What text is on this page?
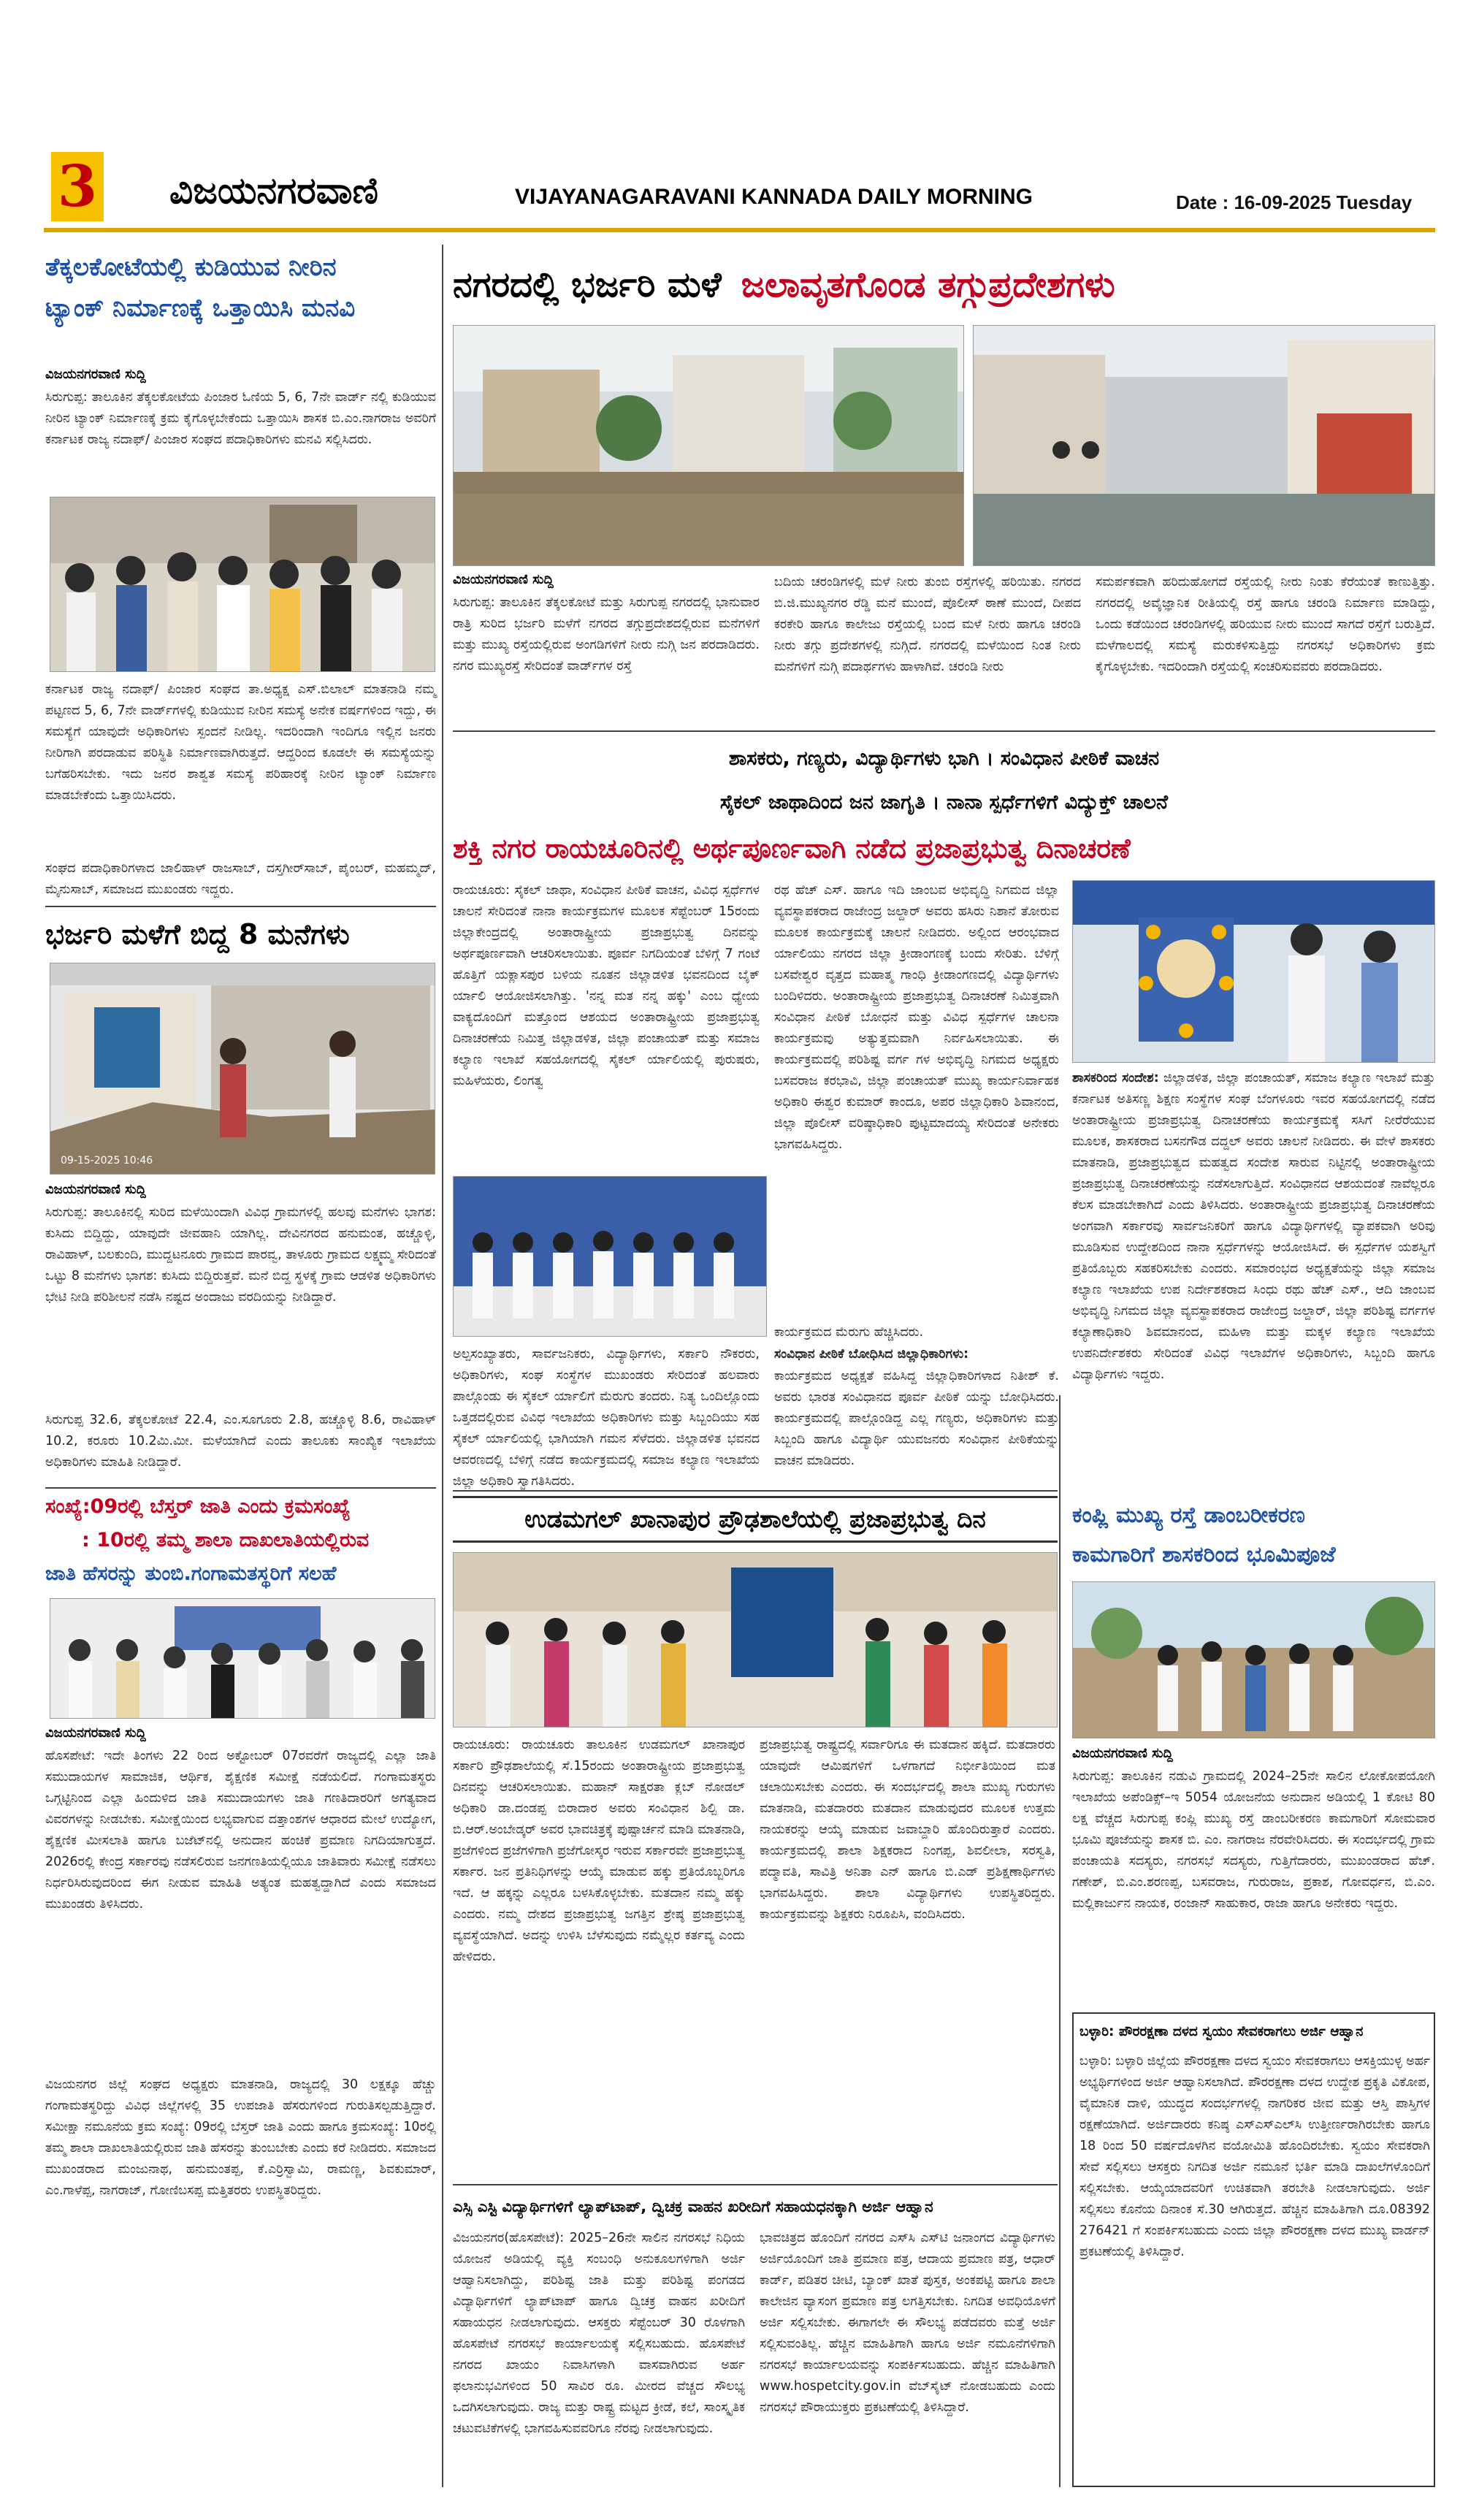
3 ವಿಜಯನಗರವಾಣಿ	VIJAYANAGARAVANI KANNADA DAILY MORNING	Date : 16-09-2025 Tuesday
ತೆಕ್ಕಲಕೋಟೆಯಲ್ಲಿ ಕುಡಿಯುವ ನೀರಿನ
ಟ್ಯಾಂಕ್ ನಿರ್ಮಾಣಕ್ಕೆ ಒತ್ತಾಯಿಸಿ ಮನವಿ
ವಿಜಯನಗರವಾಣಿ ಸುದ್ದಿ
ಸಿರುಗುಪ್ಪ: ತಾಲೂಕಿನ ತೆಕ್ಕಲಕೋಟೆಯ ಪಿಂಜಾರ ಓಣಿಯ 5, 6, 7ನೇ ವಾರ್ಡ್ ನಲ್ಲಿ ಕುಡಿಯುವ ನೀರಿನ ಟ್ಯಾಂಕ್ ನಿರ್ಮಾಣಕ್ಕೆ ಕ್ರಮ ಕೈಗೊಳ್ಳಬೇಕೆಂದು ಒತ್ತಾಯಿಸಿ ಶಾಸಕ ಬಿ.ಎಂ.ನಾಗರಾಜ ಅವರಿಗೆ ಕರ್ನಾಟಕ ರಾಜ್ಯ ನದಾಫ್/ ಪಿಂಜಾರ ಸಂಘದ ಪದಾಧಿಕಾರಿಗಳು ಮನವಿ ಸಲ್ಲಿಸಿದರು.
ಕರ್ನಾಟಕ ರಾಜ್ಯ ನದಾಫ್/ ಪಿಂಜಾರ ಸಂಘದ ತಾ.ಅಧ್ಯಕ್ಷ ಎಸ್.ಬಿಲಾಲ್ ಮಾತನಾಡಿ ನಮ್ಮ ಪಟ್ಟಣದ 5, 6, 7ನೇ ವಾರ್ಡ್‌ಗಳಲ್ಲಿ ಕುಡಿಯುವ ನೀರಿನ ಸಮಸ್ಯೆ ಅನೇಕ ವರ್ಷಗಳಿಂದ ಇದ್ದು, ಈ ಸಮಸ್ಯೆಗೆ ಯಾವುದೇ ಅಧಿಕಾರಿಗಳು ಸ್ಪಂದನೆ ನೀಡಿಲ್ಲ. ಇದರಿಂದಾಗಿ ಇಂದಿಗೂ ಇಲ್ಲಿನ ಜನರು ನೀರಿಗಾಗಿ ಪರದಾಡುವ ಪರಿಸ್ಥಿತಿ ನಿರ್ಮಾಣವಾಗಿರುತ್ತದೆ. ಆದ್ದರಿಂದ ಕೂಡಲೇ ಈ ಸಮಸ್ಯೆಯನ್ನು ಬಗೆಹರಿಸಬೇಕು. ಇದು ಜನರ ಶಾಶ್ವತ ಸಮಸ್ಯೆ ಪರಿಹಾರಕ್ಕೆ ನೀರಿನ ಟ್ಯಾಂಕ್ ನಿರ್ಮಾಣ ಮಾಡಬೇಕೆಂದು ಒತ್ತಾಯಿಸಿದರು.
ಸಂಘದ ಪದಾಧಿಕಾರಿಗಳಾದ ಜಾಲಿಹಾಳ್ ರಾಜಸಾಬ್, ದಸ್ತಗೀರ್‌ಸಾಬ್, ಪೈಂಬರ್, ಮಹಮ್ಮದ್, ಮೈನುಸಾಬ್, ಸಮಾಜದ ಮುಖಂಡರು ಇದ್ದರು.
ಭರ್ಜರಿ ಮಳೆಗೆ ಬಿದ್ದ 8 ಮನೆಗಳು
09-15-2025 10:46
ವಿಜಯನಗರವಾಣಿ ಸುದ್ದಿ
ಸಿರುಗುಪ್ಪ: ತಾಲೂಕಿನಲ್ಲಿ ಸುರಿದ ಮಳೆಯಿಂದಾಗಿ ವಿವಿಧ ಗ್ರಾಮಗಳಲ್ಲಿ ಹಲವು ಮನೆಗಳು ಭಾಗಶ: ಕುಸಿದು ಬಿದ್ದಿದ್ದು, ಯಾವುದೇ ಜೀವಹಾನಿ ಯಾಗಿಲ್ಲ. ದೇವಿನಗರದ ಹನುಮಂತ, ಹಚ್ಚೊಳ್ಳಿ, ರಾವಿಹಾಳ್, ಬಲಕುಂದಿ, ಮುದ್ದಟನೂರು ಗ್ರಾಮದ ಪಾರವ್ವ, ತಾಳೂರು ಗ್ರಾಮದ ಲಕ್ಷ್ಮಮ್ಮ ಸೇರಿದಂತೆ ಒಟ್ಟು 8 ಮನೆಗಳು ಭಾಗಶ: ಕುಸಿದು ಬಿದ್ದಿರುತ್ತವೆ. ಮನೆ ಬಿದ್ದ ಸ್ಥಳಕ್ಕೆ ಗ್ರಾಮ ಆಡಳಿತ ಅಧಿಕಾರಿಗಳು ಭೇಟಿ ನೀಡಿ ಪರಿಶೀಲನೆ ನಡೆಸಿ ನಷ್ಟದ ಅಂದಾಜು ವರದಿಯನ್ನು ನೀಡಿದ್ದಾರೆ.
ಸಿರುಗುಪ್ಪ 32.6, ತೆಕ್ಕಲಕೋಟೆ 22.4, ಎಂ.ಸೂಗೂರು 2.8, ಹಚ್ಚೊಳ್ಳಿ 8.6, ರಾವಿಹಾಳ್ 10.2, ಕರೂರು 10.2ಮಿ.ಮೀ. ಮಳೆಯಾಗಿದೆ ಎಂದು ತಾಲೂಕು ಸಾಂಖ್ಯಿಕ ಇಲಾಖೆಯ ಅಧಿಕಾರಿಗಳು ಮಾಹಿತಿ ನೀಡಿದ್ದಾರೆ.
ಸಂಖ್ಯೆ:09ರಲ್ಲಿ ಬೆಸ್ತರ್ ಜಾತಿ ಎಂದು ಕ್ರಮಸಂಖ್ಯೆ
: 10ರಲ್ಲಿ ತಮ್ಮ ಶಾಲಾ ದಾಖಲಾತಿಯಲ್ಲಿರುವ
ಜಾತಿ ಹೆಸರನ್ನು ತುಂಬಿ.ಗಂಗಾಮತಸ್ಥರಿಗೆ ಸಲಹೆ
ವಿಜಯನಗರವಾಣಿ ಸುದ್ದಿ
ಹೊಸಪೇಟೆ: ಇದೇ ತಿಂಗಳು 22 ರಿಂದ ಅಕ್ಟೋಬರ್ 07ರವರೆಗೆ ರಾಜ್ಯದಲ್ಲಿ ಎಲ್ಲಾ ಜಾತಿ ಸಮುದಾಯಗಳ ಸಾಮಾಜಿಕ, ಆರ್ಥಿಕ, ಶೈಕ್ಷಣಿಕ ಸಮೀಕ್ಷೆ ನಡೆಯಲಿದೆ. ಗಂಗಾಮತಸ್ಥರು ಒಗ್ಗಟ್ಟಿನಿಂದ ಎಲ್ಲಾ ಹಿಂದುಳಿದ ಜಾತಿ ಸಮುದಾಯಗಳು ಜಾತಿ ಗಣತಿದಾರರಿಗೆ ಅಗತ್ಯವಾದ ವಿವರಗಳನ್ನು ನೀಡಬೇಕು. ಸಮೀಕ್ಷೆಯಿಂದ ಲಭ್ಯವಾಗುವ ದತ್ತಾಂಶಗಳ ಆಧಾರದ ಮೇಲೆ ಉದ್ಯೋಗ, ಶೈಕ್ಷಣಿಕ ಮೀಸಲಾತಿ ಹಾಗೂ ಬಜೆಟ್‌ನಲ್ಲಿ ಅನುದಾನ ಹಂಚಿಕೆ ಪ್ರಮಾಣ ನಿಗದಿಯಾಗುತ್ತದೆ. 2026ರಲ್ಲಿ ಕೇಂದ್ರ ಸರ್ಕಾರವು ನಡೆಸಲಿರುವ ಜನಗಣತಿಯಲ್ಲಿಯೂ ಜಾತಿವಾರು ಸಮೀಕ್ಷೆ ನಡೆಸಲು ನಿರ್ಧರಿಸಿರುವುದರಿಂದ ಈಗ ನೀಡುವ ಮಾಹಿತಿ ಅತ್ಯಂತ ಮಹತ್ವದ್ದಾಗಿದೆ ಎಂದು ಸಮಾಜದ ಮುಖಂಡರು ತಿಳಿಸಿದರು.
ವಿಜಯನಗರ ಜಿಲ್ಲೆ ಸಂಘದ ಅಧ್ಯಕ್ಷರು ಮಾತನಾಡಿ, ರಾಜ್ಯದಲ್ಲಿ 30 ಲಕ್ಷಕ್ಕೂ ಹೆಚ್ಚು ಗಂಗಾಮತಸ್ಥರಿದ್ದು ವಿವಿಧ ಜಿಲ್ಲೆಗಳಲ್ಲಿ 35 ಉಪಜಾತಿ ಹೆಸರುಗಳಿಂದ ಗುರುತಿಸಲ್ಪಡುತ್ತಿದ್ದಾರೆ. ಸಮೀಕ್ಷಾ ನಮೂನೆಯ ಕ್ರಮ ಸಂಖ್ಯೆ: 09ರಲ್ಲಿ ಬೆಸ್ತರ್ ಜಾತಿ ಎಂದು ಹಾಗೂ ಕ್ರಮಸಂಖ್ಯೆ: 10ರಲ್ಲಿ ತಮ್ಮ ಶಾಲಾ ದಾಖಲಾತಿಯಲ್ಲಿರುವ ಜಾತಿ ಹೆಸರನ್ನು ತುಂಬಬೇಕು ಎಂದು ಕರೆ ನೀಡಿದರು. ಸಮಾಜದ ಮುಖಂಡರಾದ ಮಂಜುನಾಥ, ಹನುಮಂತಪ್ಪ, ಕೆ.ಎರ್ರಿಸ್ವಾಮಿ, ರಾಮಣ್ಣ, ಶಿವಕುಮಾರ್, ಎಂ.ಗಾಳೆಪ್ಪ, ನಾಗರಾಜ್, ಗೋಣಿಬಸಪ್ಪ ಮತ್ತಿತರರು ಉಪಸ್ಥಿತರಿದ್ದರು.
ನಗರದಲ್ಲಿ ಭರ್ಜರಿ ಮಳೆ ಜಲಾವೃತಗೊಂಡ ತಗ್ಗುಪ್ರದೇಶಗಳು
ವಿಜಯನಗರವಾಣಿ ಸುದ್ದಿ
ಸಿರುಗುಪ್ಪ: ತಾಲೂಕಿನ ತೆಕ್ಕಲಕೋಟೆ ಮತ್ತು ಸಿರುಗುಪ್ಪ ನಗರದಲ್ಲಿ ಭಾನುವಾರ ರಾತ್ರಿ ಸುರಿದ ಭರ್ಜರಿ ಮಳೆಗೆ ನಗರದ ತಗ್ಗುಪ್ರದೇಶದಲ್ಲಿರುವ ಮನೆಗಳಿಗೆ ಮತ್ತು ಮುಖ್ಯ ರಸ್ತೆಯಲ್ಲಿರುವ ಅಂಗಡಿಗಳಿಗೆ ನೀರು ನುಗ್ಗಿ ಜನ ಪರದಾಡಿದರು. ನಗರ ಮುಖ್ಯರಸ್ತೆ ಸೇರಿದಂತೆ ವಾರ್ಡ್‌ಗಳ ರಸ್ತೆ
ಬದಿಯ ಚರಂಡಿಗಳಲ್ಲಿ ಮಳೆ ನೀರು ತುಂಬಿ ರಸ್ತೆಗಳಲ್ಲಿ ಹರಿಯಿತು. ನಗರದ ಬಿ.ಜಿ.ಮುಖ್ಯನಗರ ರೆಡ್ಡಿ ಮನೆ ಮುಂದೆ, ಪೊಲೀಸ್ ಠಾಣೆ ಮುಂದೆ, ದೀಪದ ಕರಕೇರಿ ಹಾಗೂ ಕಾಲೇಜು ರಸ್ತೆಯಲ್ಲಿ ಬಂದ ಮಳೆ ನೀರು ಹಾಗೂ ಚರಂಡಿ ನೀರು ತಗ್ಗು ಪ್ರದೇಶಗಳಲ್ಲಿ ನುಗ್ಗಿದೆ. ನಗರದಲ್ಲಿ ಮಳೆಯಿಂದ ನಿಂತ ನೀರು ಮನೆಗಳಿಗೆ ನುಗ್ಗಿ ಪದಾರ್ಥಗಳು ಹಾಳಾಗಿವೆ. ಚರಂಡಿ ನೀರು
ಸಮರ್ಪಕವಾಗಿ ಹರಿದುಹೋಗದೆ ರಸ್ತೆಯಲ್ಲಿ ನೀರು ನಿಂತು ಕೆರೆಯಂತೆ ಕಾಣುತ್ತಿತ್ತು. ನಗರದಲ್ಲಿ ಅವೈಜ್ಞಾನಿಕ ರೀತಿಯಲ್ಲಿ ರಸ್ತೆ ಹಾಗೂ ಚರಂಡಿ ನಿರ್ಮಾಣ ಮಾಡಿದ್ದು, ಒಂದು ಕಡೆಯಿಂದ ಚರಂಡಿಗಳಲ್ಲಿ ಹರಿಯುವ ನೀರು ಮುಂದೆ ಸಾಗದೆ ರಸ್ತೆಗೆ ಬರುತ್ತಿದೆ. ಮಳೆಗಾಲದಲ್ಲಿ ಸಮಸ್ಯೆ ಮರುಕಳಿಸುತ್ತಿದ್ದು ನಗರಸಭೆ ಅಧಿಕಾರಿಗಳು ಕ್ರಮ ಕೈಗೊಳ್ಳಬೇಕು. ಇದರಿಂದಾಗಿ ರಸ್ತೆಯಲ್ಲಿ ಸಂಚರಿಸುವವರು ಪರದಾಡಿದರು.
ಶಾಸಕರು, ಗಣ್ಯರು, ವಿದ್ಯಾರ್ಥಿಗಳು ಭಾಗಿ । ಸಂವಿಧಾನ ಪೀಠಿಕೆ ವಾಚನ
ಸೈಕಲ್ ಜಾಥಾದಿಂದ ಜನ ಜಾಗೃತಿ । ನಾನಾ ಸ್ಪರ್ಧೆಗಳಿಗೆ ವಿದ್ಯುಕ್ತ್ ಚಾಲನೆ
ಶಕ್ತಿ ನಗರ ರಾಯಚೂರಿನಲ್ಲಿ ಅರ್ಥಪೂರ್ಣವಾಗಿ ನಡೆದ ಪ್ರಜಾಪ್ರಭುತ್ವ ದಿನಾಚರಣೆ
ರಾಯಚೂರು: ಸೈಕಲ್ ಜಾಥಾ, ಸಂವಿಧಾನ ಪೀಠಿಕೆ ವಾಚನ, ವಿವಿಧ ಸ್ಪರ್ಧೆಗಳ ಚಾಲನೆ ಸೇರಿದಂತೆ ನಾನಾ ಕಾರ್ಯಕ್ರಮಗಳ ಮೂಲಕ ಸೆಪ್ಟೆಂಬರ್ 15ರಂದು ಜಿಲ್ಲಾಕೇಂದ್ರದಲ್ಲಿ ಅಂತಾರಾಷ್ಟ್ರೀಯ ಪ್ರಜಾಪ್ರಭುತ್ವ ದಿನವನ್ನು ಅರ್ಥಪೂರ್ಣವಾಗಿ ಆಚರಿಸಲಾಯಿತು. ಪೂರ್ವ ನಿಗದಿಯಂತೆ ಬೆಳಿಗ್ಗೆ 7 ಗಂಟೆ ಹೊತ್ತಿಗೆ ಯಕ್ಲಾಸಪುರ ಬಳಿಯ ನೂತನ ಜಿಲ್ಲಾಡಳಿತ ಭವನದಿಂದ ಬೈಕ್ ರ್ಯಾಲಿ ಆಯೋಜಿಸಲಾಗಿತ್ತು. 'ನನ್ನ ಮತ ನನ್ನ ಹಕ್ಕು' ಎಂಬ ಧ್ಯೇಯ ವಾಕ್ಯದೊಂದಿಗೆ ಮತ್ತೊಂದ ಆಶಯದ ಅಂತಾರಾಷ್ಟ್ರೀಯ ಪ್ರಜಾಪ್ರಭುತ್ವ ದಿನಾಚರಣೆಯ ನಿಮಿತ್ತ ಜಿಲ್ಲಾಡಳಿತ, ಜಿಲ್ಲಾ ಪಂಚಾಯತ್ ಮತ್ತು ಸಮಾಜ ಕಲ್ಯಾಣ ಇಲಾಖೆ ಸಹಯೋಗದಲ್ಲಿ ಸೈಕಲ್ ರ್ಯಾಲಿಯಲ್ಲಿ ಪುರುಷರು, ಮಹಿಳೆಯರು, ಲಿಂಗತ್ವ
ರಥ ಹೆಚ್ ಎಸ್. ಹಾಗೂ ಇದಿ ಜಾಂಬವ ಅಭಿವೃದ್ಧಿ ನಿಗಮದ ಜಿಲ್ಲಾ ವ್ಯವಸ್ಥಾಪಕರಾದ ರಾಜೇಂದ್ರ ಜಲ್ದಾರ್ ಅವರು ಹಸಿರು ನಿಶಾನೆ ತೋರುವ ಮೂಲಕ ಕಾರ್ಯಕ್ರಮಕ್ಕೆ ಚಾಲನೆ ನೀಡಿದರು. ಅಲ್ಲಿಂದ ಆರಂಭವಾದ ರ್ಯಾಲಿಯು ನಗರದ ಜಿಲ್ಲಾ ಕ್ರೀಡಾಂಗಣಕ್ಕೆ ಬಂದು ಸೇರಿತು. ಬೆಳಿಗ್ಗೆ ಬಸವೇಶ್ವರ ವೃತ್ತದ ಮಹಾತ್ಮ ಗಾಂಧಿ ಕ್ರೀಡಾಂಗಣದಲ್ಲಿ ವಿದ್ಯಾರ್ಥಿಗಳು ಬಂದಿಳಿದರು. ಅಂತಾರಾಷ್ಟ್ರೀಯ ಪ್ರಜಾಪ್ರಭುತ್ವ ದಿನಾಚರಣೆ ನಿಮಿತ್ತವಾಗಿ ಸಂವಿಧಾನ ಪೀಠಿಕೆ ಬೋಧನೆ ಮತ್ತು ವಿವಿಧ ಸ್ಪರ್ಧೆಗಳ ಚಾಲನಾ ಕಾರ್ಯಕ್ರಮವು ಅತ್ಯುತ್ತಮವಾಗಿ ನಿರ್ವಹಿಸಲಾಯಿತು. ಈ ಕಾರ್ಯಕ್ರಮದಲ್ಲಿ ಪರಿಶಿಷ್ಟ ವರ್ಗ ಗಳ ಅಭಿವೃದ್ಧಿ ನಿಗಮದ ಅಧ್ಯಕ್ಷರು ಬಸವರಾಜ ಕರಭಾವಿ, ಜಿಲ್ಲಾ ಪಂಚಾಯತ್ ಮುಖ್ಯ ಕಾರ್ಯನಿರ್ವಾಹಕ ಅಧಿಕಾರಿ ಈಶ್ವರ ಕುಮಾರ್ ಕಾಂದೂ, ಅಪರ ಜಿಲ್ಲಾಧಿಕಾರಿ ಶಿವಾನಂದ, ಜಿಲ್ಲಾ ಪೊಲೀಸ್ ವರಿಷ್ಠಾಧಿಕಾರಿ ಪುಟ್ಟಮಾದಯ್ಯ ಸೇರಿದಂತೆ ಅನೇಕರು ಭಾಗವಹಿಸಿದ್ದರು.
ಶಾಸಕರಿಂದ ಸಂದೇಶ: ಜಿಲ್ಲಾಡಳಿತ, ಜಿಲ್ಲಾ ಪಂಚಾಯತ್, ಸಮಾಜ ಕಲ್ಯಾಣ ಇಲಾಖೆ ಮತ್ತು ಕರ್ನಾಟಕ ಅತಿಸಣ್ಣ ಶಿಕ್ಷಣ ಸಂಸ್ಥೆಗಳ ಸಂಘ ಬೆಂಗಳೂರು ಇವರ ಸಹಯೋಗದಲ್ಲಿ ನಡೆದ ಅಂತಾರಾಷ್ಟ್ರೀಯ ಪ್ರಜಾಪ್ರಭುತ್ವ ದಿನಾಚರಣೆಯ ಕಾರ್ಯಕ್ರಮಕ್ಕೆ ಸಸಿಗೆ ನೀರೆರೆಯುವ ಮೂಲಕ, ಶಾಸಕರಾದ ಬಸನಗೌಡ ದದ್ದಲ್ ಅವರು ಚಾಲನೆ ನೀಡಿದರು. ಈ ವೇಳೆ ಶಾಸಕರು ಮಾತನಾಡಿ, ಪ್ರಜಾಪ್ರಭುತ್ವದ ಮಹತ್ವದ ಸಂದೇಶ ಸಾರುವ ನಿಟ್ಟಿನಲ್ಲಿ ಅಂತಾರಾಷ್ಟ್ರೀಯ ಪ್ರಜಾಪ್ರಭುತ್ವ ದಿನಾಚರಣೆಯನ್ನು ನಡೆಸಲಾಗುತ್ತಿದೆ. ಸಂವಿಧಾನದ ಆಶಯದಂತೆ ನಾವೆಲ್ಲರೂ ಕೆಲಸ ಮಾಡಬೇಕಾಗಿದೆ ಎಂದು ತಿಳಿಸಿದರು. ಅಂತಾರಾಷ್ಟ್ರೀಯ ಪ್ರಜಾಪ್ರಭುತ್ವ ದಿನಾಚರಣೆಯ ಅಂಗವಾಗಿ ಸರ್ಕಾರವು ಸಾರ್ವಜನಿಕರಿಗೆ ಹಾಗೂ ವಿದ್ಯಾರ್ಥಿಗಳಲ್ಲಿ ವ್ಯಾಪಕವಾಗಿ ಅರಿವು ಮೂಡಿಸುವ ಉದ್ದೇಶದಿಂದ ನಾನಾ ಸ್ಪರ್ಧೆಗಳನ್ನು ಆಯೋಜಿಸಿದೆ. ಈ ಸ್ಪರ್ಧೆಗಳ ಯಶಸ್ವಿಗೆ ಪ್ರತಿಯೊಬ್ಬರು ಸಹಕರಿಸಬೇಕು ಎಂದರು. ಸಮಾರಂಭದ ಅಧ್ಯಕ್ಷತೆಯನ್ನು ಜಿಲ್ಲಾ ಸಮಾಜ ಕಲ್ಯಾಣ ಇಲಾಖೆಯ ಉಪ ನಿರ್ದೇಶಕರಾದ ಸಿಂಧು ರಥು ಹೆಚ್ ಎಸ್., ಆದಿ ಜಾಂಬವ ಅಭಿವೃದ್ಧಿ ನಿಗಮದ ಜಿಲ್ಲಾ ವ್ಯವಸ್ಥಾಪಕರಾದ ರಾಜೇಂದ್ರ ಜಲ್ದಾರ್, ಜಿಲ್ಲಾ ಪರಿಶಿಷ್ಟ ವರ್ಗಗಳ ಕಲ್ಯಾಣಾಧಿಕಾರಿ ಶಿವಮಾನಂದ, ಮಹಿಳಾ ಮತ್ತು ಮಕ್ಕಳ ಕಲ್ಯಾಣ ಇಲಾಖೆಯ ಉಪನಿರ್ದೇಶಕರು ಸೇರಿದಂತೆ ವಿವಿಧ ಇಲಾಖೆಗಳ ಅಧಿಕಾರಿಗಳು, ಸಿಬ್ಬಂದಿ ಹಾಗೂ ವಿದ್ಯಾರ್ಥಿಗಳು ಇದ್ದರು.
ಅಲ್ಪಸಂಖ್ಯಾತರು, ಸಾರ್ವಜನಿಕರು, ವಿದ್ಯಾರ್ಥಿಗಳು, ಸರ್ಕಾರಿ ನೌಕರರು, ಅಧಿಕಾರಿಗಳು, ಸಂಘ ಸಂಸ್ಥೆಗಳ ಮುಖಂಡರು ಸೇರಿದಂತೆ ಹಲವಾರು ಪಾಲ್ಗೊಂಡು ಈ ಸೈಕಲ್ ರ್ಯಾಲಿಗೆ ಮೆರುಗು ತಂದರು. ನಿತ್ಯ ಒಂದಿಲ್ಲೊಂದು ಒತ್ತಡದಲ್ಲಿರುವ ವಿವಿಧ ಇಲಾಖೆಯ ಅಧಿಕಾರಿಗಳು ಮತ್ತು ಸಿಬ್ಬಂದಿಯು ಸಹ ಸೈಕಲ್ ರ್ಯಾಲಿಯಲ್ಲಿ ಭಾಗಿಯಾಗಿ ಗಮನ ಸೆಳೆದರು. ಜಿಲ್ಲಾಡಳಿತ ಭವನದ ಆವರಣದಲ್ಲಿ ಬೆಳಿಗ್ಗೆ ನಡೆದ ಕಾರ್ಯಕ್ರಮದಲ್ಲಿ ಸಮಾಜ ಕಲ್ಯಾಣ ಇಲಾಖೆಯ ಜಿಲ್ಲಾ ಅಧಿಕಾರಿ ಸ್ವಾಗತಿಸಿದರು.
ಕಾರ್ಯಕ್ರಮದ ಮೆರುಗು ಹೆಚ್ಚಿಸಿದರು.
ಸಂವಿಧಾನ ಪೀಠಿಕೆ ಬೋಧಿಸಿದ ಜಿಲ್ಲಾಧಿಕಾರಿಗಳು:
ಕಾರ್ಯಕ್ರಮದ ಅಧ್ಯಕ್ಷತೆ ವಹಿಸಿದ್ದ ಜಿಲ್ಲಾಧಿಕಾರಿಗಳಾದ ನಿತೀಶ್ ಕೆ. ಅವರು ಭಾರತ ಸಂವಿಧಾನದ ಪೂರ್ವ ಪೀಠಿಕೆ ಯನ್ನು ಬೋಧಿಸಿದರು. ಕಾರ್ಯಕ್ರಮದಲ್ಲಿ ಪಾಲ್ಗೊಂಡಿದ್ದ ಎಲ್ಲ ಗಣ್ಯರು, ಅಧಿಕಾರಿಗಳು ಮತ್ತು ಸಿಬ್ಬಂದಿ ಹಾಗೂ ವಿದ್ಯಾರ್ಥಿ ಯುವಜನರು ಸಂವಿಧಾನ ಪೀಠಿಕೆಯನ್ನು ವಾಚನ ಮಾಡಿದರು.
ಉಡಮಗಲ್ ಖಾನಾಪುರ ಪ್ರೌಢಶಾಲೆಯಲ್ಲಿ ಪ್ರಜಾಪ್ರಭುತ್ವ ದಿನ
ರಾಯಚೂರು: ರಾಯಚೂರು ತಾಲೂಕಿನ ಉಡಮಗಲ್ ಖಾನಾಪುರ ಸರ್ಕಾರಿ ಪ್ರೌಢಶಾಲೆಯಲ್ಲಿ ಸೆ.15ರಂದು ಅಂತಾರಾಷ್ಟ್ರೀಯ ಪ್ರಜಾಪ್ರಭುತ್ವ ದಿನವನ್ನು ಆಚರಿಸಲಾಯಿತು. ಮಹಾನ್ ಸಾಕ್ಷರತಾ ಕ್ಲಬ್ ನೋಡಲ್ ಅಧಿಕಾರಿ ಡಾ.ದಂಡಪ್ಪ ಬಿರಾದಾರ ಅವರು ಸಂವಿಧಾನ ಶಿಲ್ಪಿ ಡಾ. ಬಿ.ಆರ್.ಅಂಬೇಡ್ಕರ್ ಅವರ ಭಾವಚಿತ್ರಕ್ಕೆ ಪುಷ್ಪಾರ್ಚನೆ ಮಾಡಿ ಮಾತನಾಡಿ, ಪ್ರಜೆಗಳಿಂದ ಪ್ರಜೆಗಳಿಗಾಗಿ ಪ್ರಜೆಗೋಸ್ಕರ ಇರುವ ಸರ್ಕಾರವೇ ಪ್ರಜಾಪ್ರಭುತ್ವ ಸರ್ಕಾರ. ಜನ ಪ್ರತಿನಿಧಿಗಳನ್ನು ಆಯ್ಕೆ ಮಾಡುವ ಹಕ್ಕು ಪ್ರತಿಯೊಬ್ಬರಿಗೂ ಇದೆ. ಆ ಹಕ್ಕನ್ನು ಎಲ್ಲರೂ ಬಳಸಿಕೊಳ್ಳಬೇಕು. ಮತದಾನ ನಮ್ಮ ಹಕ್ಕು ಎಂದರು. ನಮ್ಮ ದೇಶದ ಪ್ರಜಾಪ್ರಭುತ್ವ ಜಗತ್ತಿನ ಶ್ರೇಷ್ಠ ಪ್ರಜಾಪ್ರಭುತ್ವ ವ್ಯವಸ್ಥೆಯಾಗಿದೆ. ಅದನ್ನು ಉಳಿಸಿ ಬೆಳೆಸುವುದು ನಮ್ಮೆಲ್ಲರ ಕರ್ತವ್ಯ ಎಂದು ಹೇಳಿದರು.
ಪ್ರಜಾಪ್ರಭುತ್ವ ರಾಷ್ಟ್ರದಲ್ಲಿ ಸರ್ವಾರಿಗೂ ಈ ಮತದಾನ ಹಕ್ಕಿದೆ. ಮತದಾರರು ಯಾವುದೇ ಆಮಿಷಗಳಿಗೆ ಒಳಗಾಗದೆ ನಿರ್ಭೀತಿಯಿಂದ ಮತ ಚಲಾಯಿಸಬೇಕು ಎಂದರು. ಈ ಸಂದರ್ಭದಲ್ಲಿ ಶಾಲಾ ಮುಖ್ಯ ಗುರುಗಳು ಮಾತನಾಡಿ, ಮತದಾರರು ಮತದಾನ ಮಾಡುವುದರ ಮೂಲಕ ಉತ್ತಮ ನಾಯಕರನ್ನು ಆಯ್ಕೆ ಮಾಡುವ ಜವಾಬ್ದಾರಿ ಹೊಂದಿರುತ್ತಾರೆ ಎಂದರು. ಕಾರ್ಯಕ್ರಮದಲ್ಲಿ ಶಾಲಾ ಶಿಕ್ಷಕರಾದ ನಿಂಗಪ್ಪ, ಶಿವಲೀಲಾ, ಸರಸ್ವತಿ, ಪದ್ಮಾವತಿ, ಸಾವಿತ್ರಿ ಅನಿತಾ ಎನ್ ಹಾಗೂ ಬಿ.ಎಡ್ ಪ್ರಶಿಕ್ಷಣಾರ್ಥಿಗಳು ಭಾಗವಹಿಸಿದ್ದರು. ಶಾಲಾ ವಿದ್ಯಾರ್ಥಿಗಳು ಉಪಸ್ಥಿತರಿದ್ದರು. ಕಾರ್ಯಕ್ರಮವನ್ನು ಶಿಕ್ಷಕರು ನಿರೂಪಿಸಿ, ವಂದಿಸಿದರು.
ಎಸ್ಸಿ ಎಸ್ಟಿ ವಿದ್ಯಾರ್ಥಿಗಳಿಗೆ ಲ್ಯಾಪ್‌ಟಾಪ್, ದ್ವಿಚಕ್ರ ವಾಹನ ಖರೀದಿಗೆ ಸಹಾಯಧನಕ್ಕಾಗಿ ಅರ್ಜಿ ಆಹ್ವಾನ
ವಿಜಯನಗರ(ಹೊಸಪೇಟೆ): 2025–26ನೇ ಸಾಲಿನ ನಗರಸಭೆ ನಿಧಿಯ ಯೋಜನೆ ಅಡಿಯಲ್ಲಿ ವ್ಯಕ್ತಿ ಸಂಬಂಧಿ ಅನುಕೂಲಗಳಿಗಾಗಿ ಅರ್ಜಿ ಆಹ್ವಾನಿಸಲಾಗಿದ್ದು, ಪರಿಶಿಷ್ಟ ಜಾತಿ ಮತ್ತು ಪರಿಶಿಷ್ಟ ಪಂಗಡದ ವಿದ್ಯಾರ್ಥಿಗಳಿಗೆ ಲ್ಯಾಪ್‌ಟಾಪ್ ಹಾಗೂ ದ್ವಿಚಕ್ರ ವಾಹನ ಖರೀದಿಗೆ ಸಹಾಯಧನ ನೀಡಲಾಗುವುದು. ಆಸಕ್ತರು ಸೆಪ್ಟೆಂಬರ್ 30 ರೊಳಗಾಗಿ ಹೊಸಪೇಟೆ ನಗರಸಭೆ ಕಾರ್ಯಾಲಯಕ್ಕೆ ಸಲ್ಲಿಸಬಹುದು. ಹೊಸಪೇಟೆ ನಗರದ ಖಾಯಂ ನಿವಾಸಿಗಳಾಗಿ ವಾಸವಾಗಿರುವ ಅರ್ಹ ಫಲಾನುಭವಿಗಳಿಂದ 50 ಸಾವಿರ ರೂ. ಮೀರದ ವೆಚ್ಚದ ಸೌಲಭ್ಯ ಒದಗಿಸಲಾಗುವುದು. ರಾಜ್ಯ ಮತ್ತು ರಾಷ್ಟ್ರ ಮಟ್ಟದ ಕ್ರೀಡೆ, ಕಲೆ, ಸಾಂಸ್ಕೃತಿಕ ಚಟುವಟಿಕೆಗಳಲ್ಲಿ ಭಾಗವಹಿಸುವವರಿಗೂ ನೆರವು ನೀಡಲಾಗುವುದು.
ಭಾವಚಿತ್ರದ ಹೊಂದಿಗೆ ನಗರದ ಎಸ್‌ಸಿ ಎಸ್‌ಟಿ ಜನಾಂಗದ ವಿದ್ಯಾರ್ಥಿಗಳು ಅರ್ಜಿಯೊಂದಿಗೆ ಜಾತಿ ಪ್ರಮಾಣ ಪತ್ರ, ಆದಾಯ ಪ್ರಮಾಣ ಪತ್ರ, ಆಧಾರ್ ಕಾರ್ಡ್, ಪಡಿತರ ಚೀಟಿ, ಬ್ಯಾಂಕ್ ಖಾತೆ ಪುಸ್ತಕ, ಅಂಕಪಟ್ಟಿ ಹಾಗೂ ಶಾಲಾ ಕಾಲೇಜಿನ ವ್ಯಾಸಂಗ ಪ್ರಮಾಣ ಪತ್ರ ಲಗತ್ತಿಸಬೇಕು. ನಿಗದಿತ ಅವಧಿಯೊಳಗೆ ಅರ್ಜಿ ಸಲ್ಲಿಸಬೇಕು. ಈಗಾಗಲೇ ಈ ಸೌಲಭ್ಯ ಪಡೆದವರು ಮತ್ತೆ ಅರ್ಜಿ ಸಲ್ಲಿಸುವಂತಿಲ್ಲ. ಹೆಚ್ಚಿನ ಮಾಹಿತಿಗಾಗಿ ಹಾಗೂ ಅರ್ಜಿ ನಮೂನೆಗಳಿಗಾಗಿ ನಗರಸಭೆ ಕಾರ್ಯಾಲಯವನ್ನು ಸಂಪರ್ಕಿಸಬಹುದು. ಹೆಚ್ಚಿನ ಮಾಹಿತಿಗಾಗಿ www.hospetcity.gov.in ವೆಬ್‌ಸೈಟ್ ನೋಡಬಹುದು ಎಂದು ನಗರಸಭೆ ಪೌರಾಯುಕ್ತರು ಪ್ರಕಟಣೆಯಲ್ಲಿ ತಿಳಿಸಿದ್ದಾರೆ.
ಕಂಪ್ಲಿ ಮುಖ್ಯ ರಸ್ತೆ ಡಾಂಬರೀಕರಣ
ಕಾಮಗಾರಿಗೆ ಶಾಸಕರಿಂದ ಭೂಮಿಪೂಜೆ
ವಿಜಯನಗರವಾಣಿ ಸುದ್ದಿ
ಸಿರುಗುಪ್ಪ: ತಾಲೂಕಿನ ನಡುವಿ ಗ್ರಾಮದಲ್ಲಿ 2024–25ನೇ ಸಾಲಿನ ಲೋಕೋಪಯೋಗಿ ಇಲಾಖೆಯ ಅಪೆಂಡಿಕ್ಸ್–ಇ 5054 ಯೋಜನೆಯ ಅನುದಾನ ಅಡಿಯಲ್ಲಿ 1 ಕೋಟಿ 80 ಲಕ್ಷ ವೆಚ್ಚದ ಸಿರುಗುಪ್ಪ ಕಂಪ್ಲಿ ಮುಖ್ಯ ರಸ್ತೆ ಡಾಂಬರೀಕರಣ ಕಾಮಗಾರಿಗೆ ಸೋಮವಾರ ಭೂಮಿ ಪೂಜೆಯನ್ನು ಶಾಸಕ ಬಿ. ಎಂ. ನಾಗರಾಜ ನೆರವೇರಿಸಿದರು. ಈ ಸಂದರ್ಭದಲ್ಲಿ ಗ್ರಾಮ ಪಂಚಾಯತಿ ಸದಸ್ಯರು, ನಗರಸಭೆ ಸದಸ್ಯರು, ಗುತ್ತಿಗೆದಾರರು, ಮುಖಂಡರಾದ ಹೆಚ್. ಗಣೇಶ್, ಬಿ.ಎಂ.ಶರಣಪ್ಪ, ಬಸವರಾಜ, ಗುರುರಾಜ, ಪ್ರಕಾಶ, ಗೋವರ್ಧನ, ಬಿ.ಎಂ. ಮಲ್ಲಿಕಾರ್ಜುನ ನಾಯಕ, ರಂಜಾನ್ ಸಾಹುಕಾರ, ರಾಜಾ ಹಾಗೂ ಅನೇಕರು ಇದ್ದರು.
ಬಳ್ಳಾರಿ: ಪೌರರಕ್ಷಣಾ ದಳದ ಸ್ವಯಂ ಸೇವಕರಾಗಲು ಅರ್ಜಿ ಆಹ್ವಾನ
ಬಳ್ಳಾರಿ: ಬಳ್ಳಾರಿ ಜಿಲ್ಲೆಯ ಪೌರರಕ್ಷಣಾ ದಳದ ಸ್ವಯಂ ಸೇವಕರಾಗಲು ಆಸಕ್ತಿಯುಳ್ಳ ಅರ್ಹ ಅಭ್ಯರ್ಥಿಗಳಿಂದ ಅರ್ಜಿ ಆಹ್ವಾನಿಸಲಾಗಿದೆ. ಪೌರರಕ್ಷಣಾ ದಳದ ಉದ್ದೇಶ ಪ್ರಕೃತಿ ವಿಕೋಪ, ವೈಮಾನಿಕ ದಾಳಿ, ಯುದ್ಧದ ಸಂದರ್ಭಗಳಲ್ಲಿ ನಾಗರಿಕರ ಜೀವ ಮತ್ತು ಆಸ್ತಿ ಪಾಸ್ತಿಗಳ ರಕ್ಷಣೆಯಾಗಿದೆ. ಅರ್ಜಿದಾರರು ಕನಿಷ್ಠ ಎಸ್ಎಸ್ಎಲ್‌ಸಿ ಉತ್ತೀರ್ಣರಾಗಿರಬೇಕು ಹಾಗೂ 18 ರಿಂದ 50 ವರ್ಷದೊಳಗಿನ ವಯೋಮಿತಿ ಹೊಂದಿರಬೇಕು. ಸ್ವಯಂ ಸೇವಕರಾಗಿ ಸೇವೆ ಸಲ್ಲಿಸಲು ಆಸಕ್ತರು ನಿಗದಿತ ಅರ್ಜಿ ನಮೂನೆ ಭರ್ತಿ ಮಾಡಿ ದಾಖಲೆಗಳೊಂದಿಗೆ ಸಲ್ಲಿಸಬೇಕು. ಆಯ್ಕೆಯಾದವರಿಗೆ ಉಚಿತವಾಗಿ ತರಬೇತಿ ನೀಡಲಾಗುವುದು. ಅರ್ಜಿ ಸಲ್ಲಿಸಲು ಕೊನೆಯ ದಿನಾಂಕ ಸೆ.30 ಆಗಿರುತ್ತದೆ. ಹೆಚ್ಚಿನ ಮಾಹಿತಿಗಾಗಿ ದೂ.08392 276421 ಗೆ ಸಂಪರ್ಕಿಸಬಹುದು ಎಂದು ಜಿಲ್ಲಾ ಪೌರರಕ್ಷಣಾ ದಳದ ಮುಖ್ಯ ವಾರ್ಡನ್ ಪ್ರಕಟಣೆಯಲ್ಲಿ ತಿಳಿಸಿದ್ದಾರೆ.
